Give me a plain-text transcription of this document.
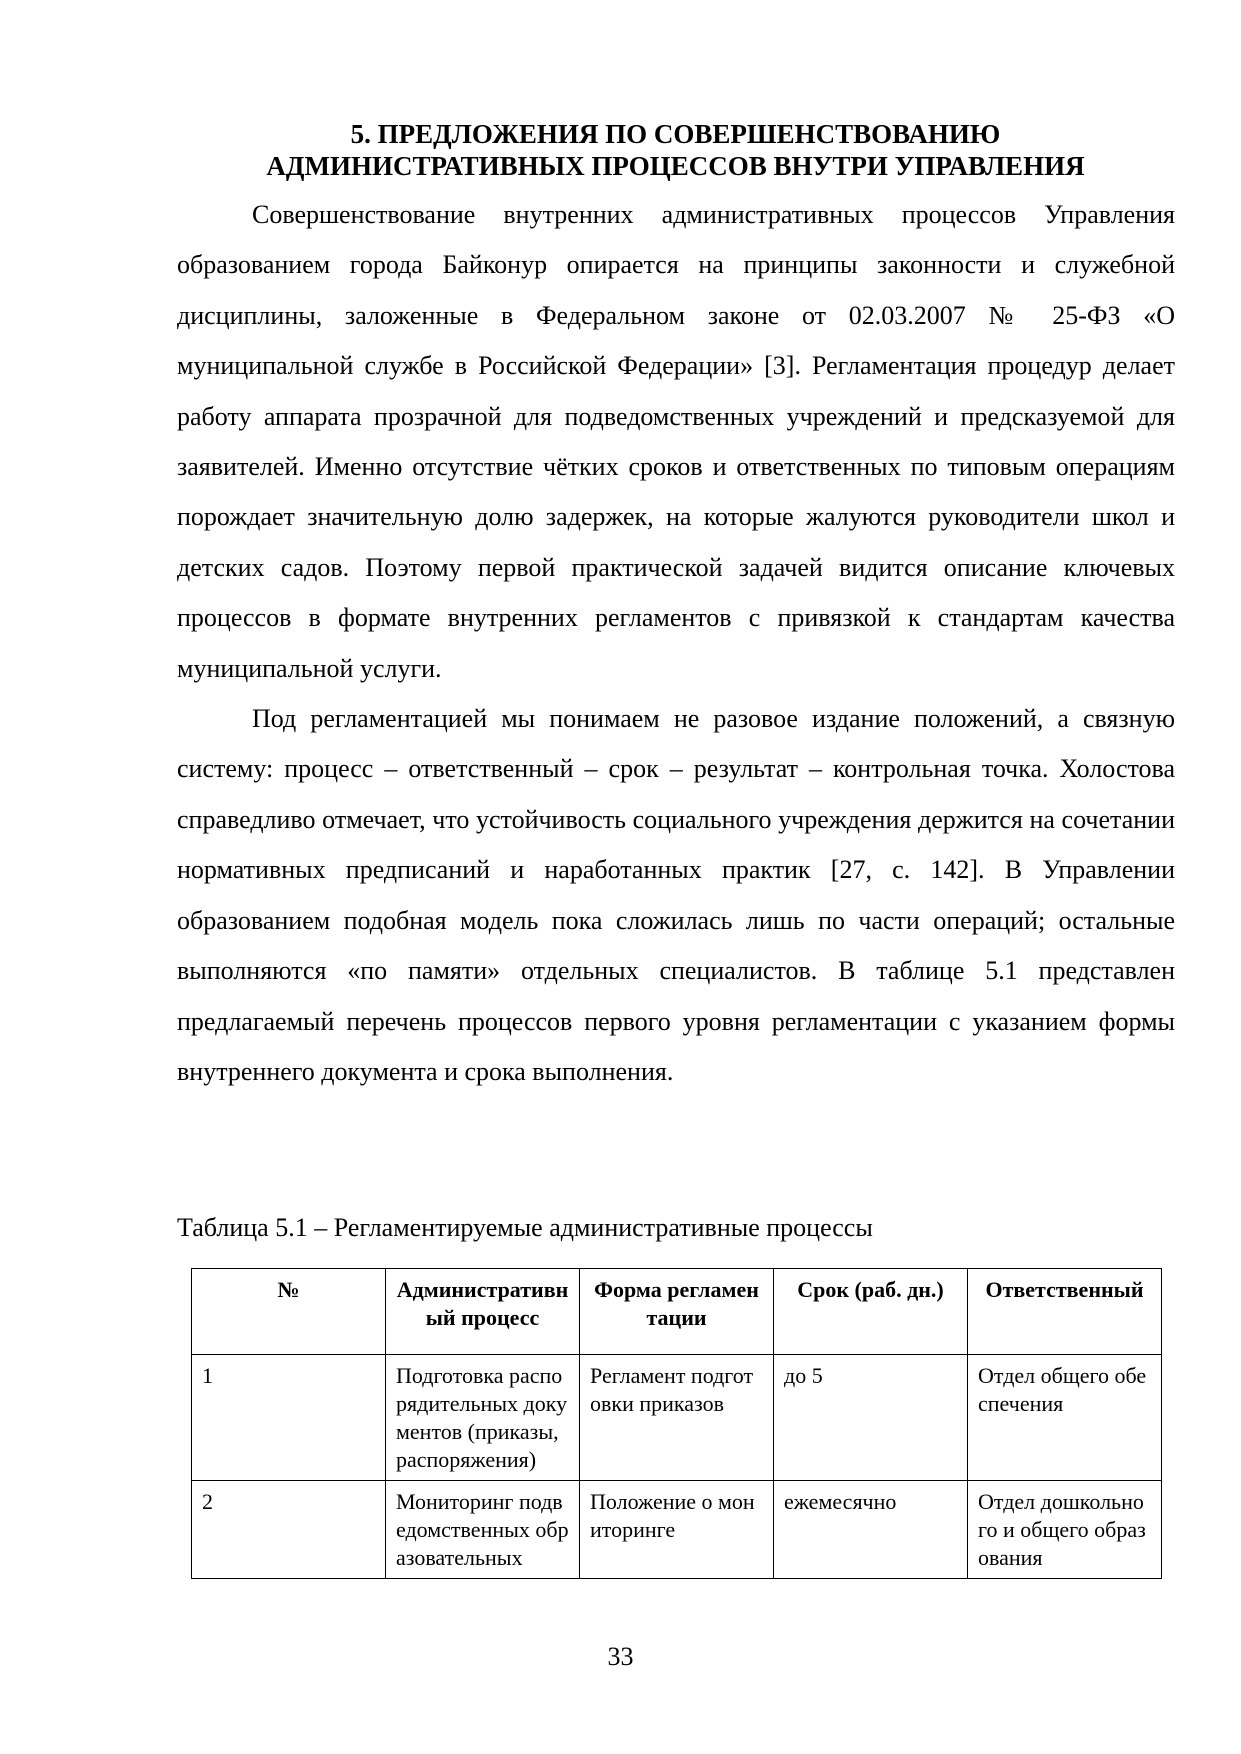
5. ПРЕДЛОЖЕНИЯ ПО СОВЕРШЕНСТВОВАНИЮ
АДМИНИСТРАТИВНЫХ ПРОЦЕССОВ ВНУТРИ УПРАВЛЕНИЯ

Совершенствование внутренних административных процессов Управления образованием города Байконур опирается на принципы законности и служебной дисциплины, заложенные в Федеральном законе от 02.03.2007 № 25-ФЗ «О муниципальной службе в Российской Федерации» [3]. Регламентация процедур делает работу аппарата прозрачной для подведомственных учреждений и предсказуемой для заявителей. Именно отсутствие чётких сроков и ответственных по типовым операциям порождает значительную долю задержек, на которые жалуются руководители школ и детских садов. Поэтому первой практической задачей видится описание ключевых процессов в формате внутренних регламентов с привязкой к стандартам качества муниципальной услуги.

Под регламентацией мы понимаем не разовое издание положений, а связную систему: процесс – ответственный – срок – результат – контрольная точка. Холостова справедливо отмечает, что устойчивость социального учреждения держится на сочетании нормативных предписаний и наработанных практик [27, с. 142]. В Управлении образованием подобная модель пока сложилась лишь по части операций; остальные выполняются «по памяти» отдельных специалистов. В таблице 5.1 представлен предлагаемый перечень процессов первого уровня регламентации с указанием формы внутреннего документа и срока выполнения.

Таблица 5.1 – Регламентируемые административные процессы

№	Административный процесс	Форма регламентации	Срок (раб. дн.)	Ответственный
1	Подготовка распорядительных документов (приказы, распоряжения)	Регламент подготовки приказов	до 5	Отдел общего обеспечения
2	Мониторинг подведомственных образовательных	Положение о мониторинге	ежемесячно	Отдел дошкольного и общего образования

33
